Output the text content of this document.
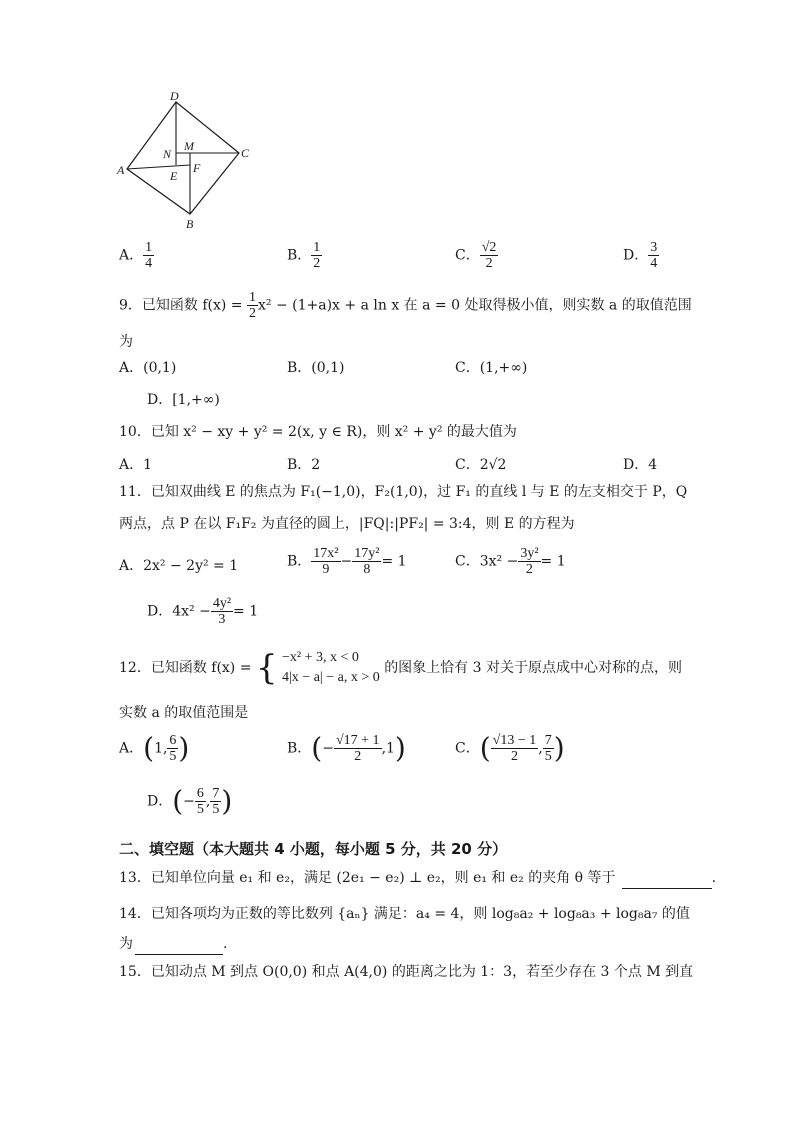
D
A
C
B
N
M
E
F
A． $\frac{1}{4}$	B． $\frac{1}{2}$	C． $\frac{√2}{2}$	D． $\frac{3}{4}$
9．已知函数 $f(x) = \frac{1}{2} x^2 - (1+a)x + a$ ln x 在 a = 0 处取得极小值，则实数 a 的取值范围
为
A．(0,1)	B．(0,1)	C．(1,+∞)
D．[1,+∞)
10．已知 x² − xy + y² = 2(x, y ∈ R)，则 x² + y² 的最大值为
A．1	B．2	C．2√2	D．4
11．已知双曲线 E 的焦点为 F₁(−1,0)，F₂(1,0)，过 F₁ 的直线 l 与 E 的左支相交于 P，Q
两点，点 P 在以 F₁F₂ 为直径的圆上，|FQ|:|PF₂| = 3:4，则 E 的方程为
A．2x² − 2y² = 1	B． $\frac{\text{17x²}}{9} - \frac{\text{17y²}}{8} = 1$	C．$3x^2 - \frac{\text{3y²}}{2} = 1$
D．$4x^2 - \frac{\text{4y²}}{3} = 1$
12．已知函数 f(x) = { −x² + 3, x < 0
4|x − a| − a, x > 0
的图象上恰有 3 对关于原点成中心对称的点，则
实数 a 的取值范围是
A．(1, $\frac{6}{5}$ )	B．(− $\frac{√17 + 1}{2} ,1$)	C．( $\frac{√13 - 1}{2}$ , $\frac{7}{5}$ )
D．(− $\frac{6}{5}$ , $\frac{7}{5}$ )
二、填空题（本大题共 4 小题，每小题 5 分，共 20 分）
13．已知单位向量 e₁ 和 e₂，满足 (2e₁ − e₂) ⊥ e₂，则 e₁ 和 e₂ 的夹角 θ 等于	.
14．已知各项均为正数的等比数列 {aₙ} 满足：a₄ = 4，则 log₈a₂ + log₈a₃ + log₈a₇ 的值
为	.
15．已知动点 M 到点 O(0,0) 和点 A(4,0) 的距离之比为 1：3，若至少存在 3 个点 M 到直
